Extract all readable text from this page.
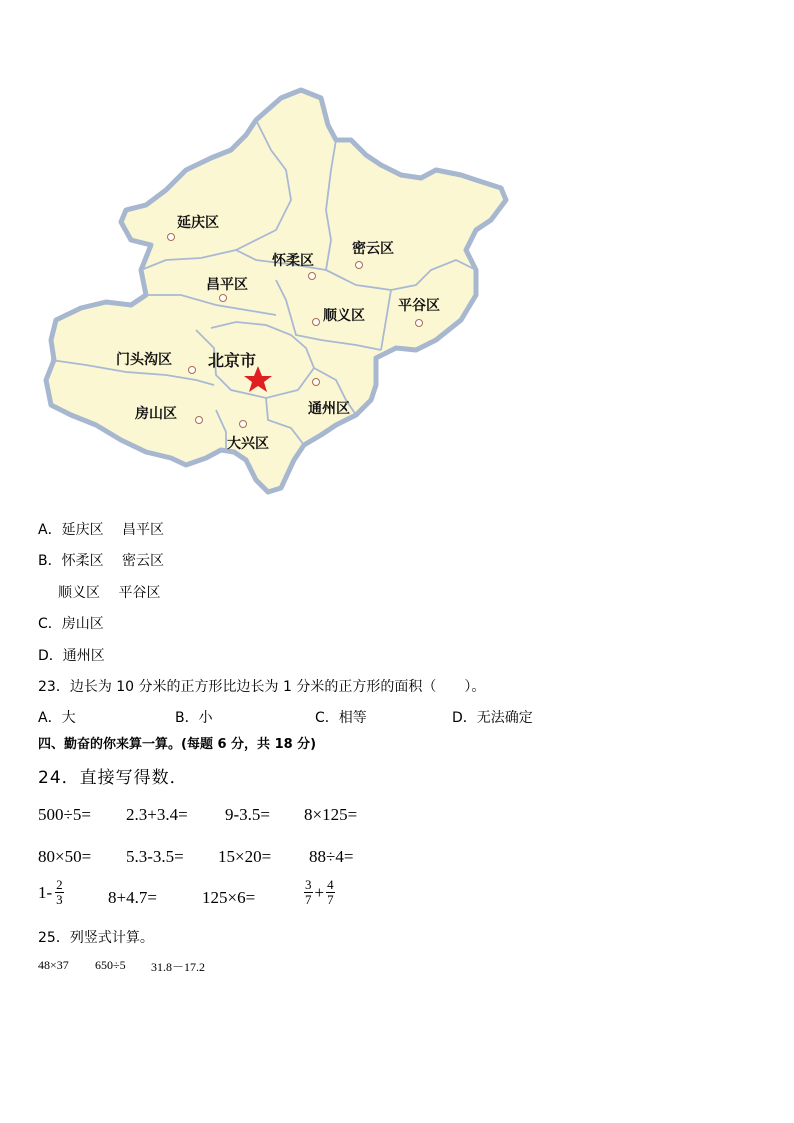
延庆区
怀柔区
密云区
昌平区
顺义区
平谷区
门头沟区 北京市
房山区	通州区
大兴区
A．延庆区　 昌平区
B．怀柔区　 密云区
顺义区　 平谷区
C．房山区
D．通州区
23．边长为 10 分米的正方形比边长为 1 分米的正方形的面积（　　）。
A．大	B．小	C．相等	D．无法确定
四、勤奋的你来算一算。(每题 6 分，共 18 分)
24．直接写得数．
500÷5= 2.3+3.4= 9-3.5= 8×125=
80×50= 5.3-3.5= 15×20= 88÷4=
$1- \frac{2}{3}$	8+4.7=	125×6=	$\frac{3}{7} + \frac{4}{7}$
25．列竖式计算。
48×37 650÷5 31.8－17.2
